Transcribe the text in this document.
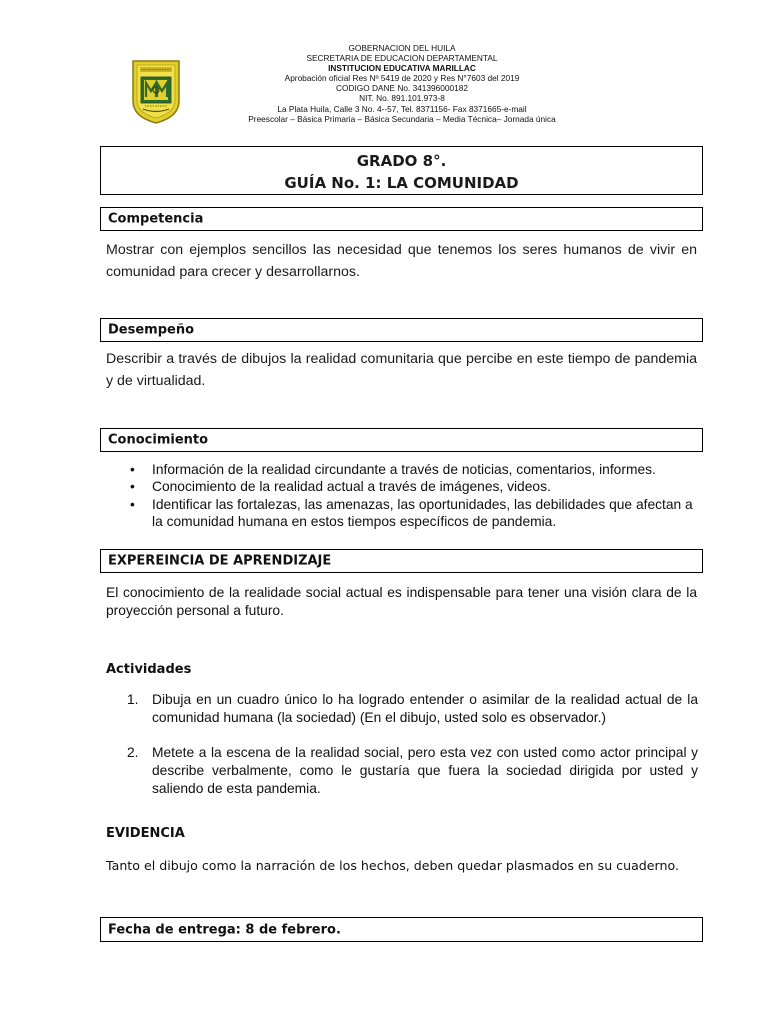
GOBERNACION DEL HUILA
SECRETARIA DE EDUCACION DEPARTAMENTAL
INSTITUCION EDUCATIVA MARILLAC
Aprobación oficial Res Nº 5419 de 2020 y Res N°7603 del 2019
CODIGO DANE No. 341396000182
NIT. No. 891.101.973-8
La Plata Huila, Calle 3 No. 4--57, Tel. 8371156- Fax 8371665-e-mail
Preescolar – Básica Primaria – Básica Secundaria – Media Técnica– Jornada única
GRADO 8°.
GUÍA No. 1: LA COMUNIDAD
Competencia
Mostrar con ejemplos sencillos las necesidad que tenemos los seres humanos de vivir en comunidad para crecer y desarrollarnos.
Desempeño
Describir a través de dibujos la realidad comunitaria que percibe en este tiempo de pandemia y de virtualidad.
Conocimiento
• Información de la realidad circundante a través de noticias, comentarios, informes.
• Conocimiento de la realidad actual a través de imágenes, videos.
• Identificar las fortalezas, las amenazas, las oportunidades, las debilidades que afectan a la comunidad humana en estos tiempos específicos de pandemia.
EXPEREINCIA DE APRENDIZAJE
El conocimiento de la realidade social actual es indispensable para tener una visión clara de la proyección personal a futuro.
Actividades
1. Dibuja en un cuadro único lo ha logrado entender o asimilar de la realidad actual de la comunidad humana (la sociedad) (En el dibujo, usted solo es observador.)
2. Metete a la escena de la realidad social, pero esta vez con usted como actor principal y describe verbalmente, como le gustaría que fuera la sociedad dirigida por usted y saliendo de esta pandemia.
EVIDENCIA
Tanto el dibujo como la narración de los hechos, deben quedar plasmados en su cuaderno.
Fecha de entrega: 8 de febrero.
